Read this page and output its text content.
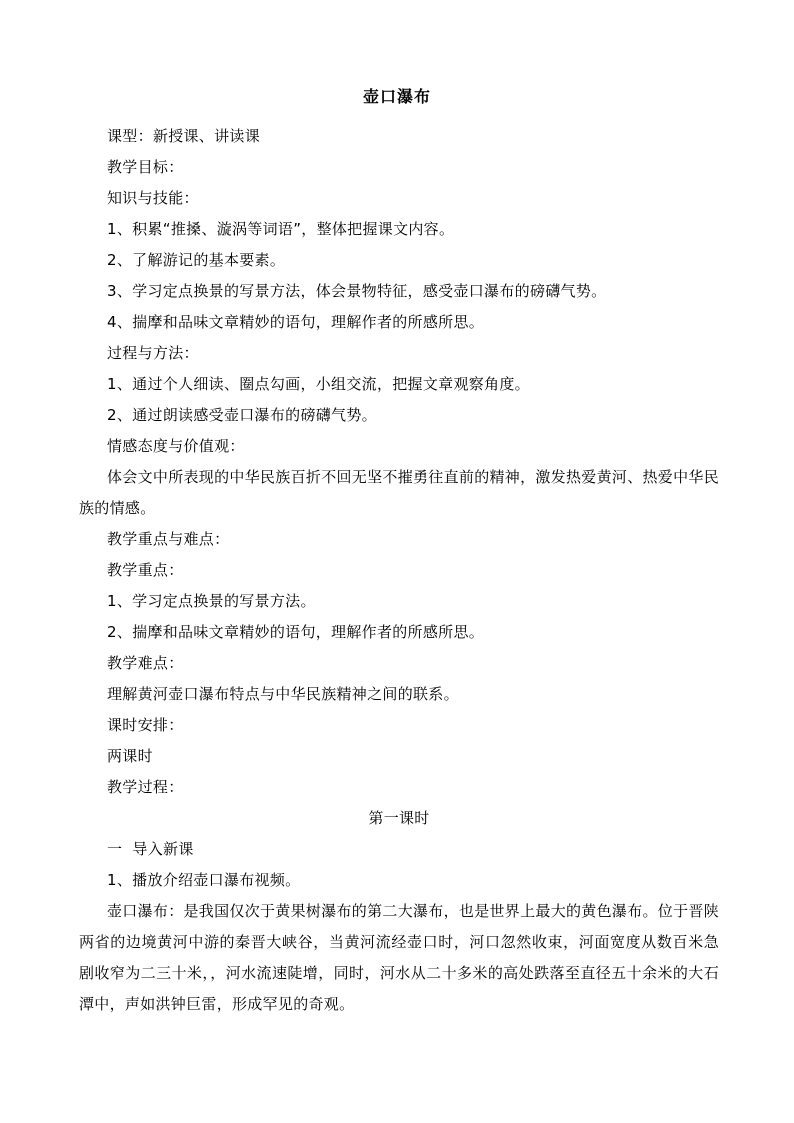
壶口瀑布

课型：新授课、讲读课

教学目标：

知识与技能：

1、积累“推搡、漩涡等词语”，整体把握课文内容。

2、了解游记的基本要素。

3、学习定点换景的写景方法，体会景物特征，感受壶口瀑布的磅礴气势。

4、揣摩和品味文章精妙的语句，理解作者的所感所思。

过程与方法：

1、通过个人细读、圈点勾画，小组交流，把握文章观察角度。

2、通过朗读感受壶口瀑布的磅礴气势。

情感态度与价值观：

体会文中所表现的中华民族百折不回无坚不摧勇往直前的精神，激发热爱黄河、热爱中华民族的情感。

教学重点与难点：

教学重点：

1、学习定点换景的写景方法。

2、揣摩和品味文章精妙的语句，理解作者的所感所思。

教学难点：

理解黄河壶口瀑布特点与中华民族精神之间的联系。

课时安排：

两课时

教学过程：

第一课时

一  导入新课

1、播放介绍壶口瀑布视频。

壶口瀑布：是我国仅次于黄果树瀑布的第二大瀑布，也是世界上最大的黄色瀑布。位于晋陕两省的边境黄河中游的秦晋大峡谷，当黄河流经壶口时，河口忽然收束，河面宽度从数百米急剧收窄为二三十米，，河水流速陡增，同时，河水从二十多米的高处跌落至直径五十余米的大石潭中，声如洪钟巨雷，形成罕见的奇观。
